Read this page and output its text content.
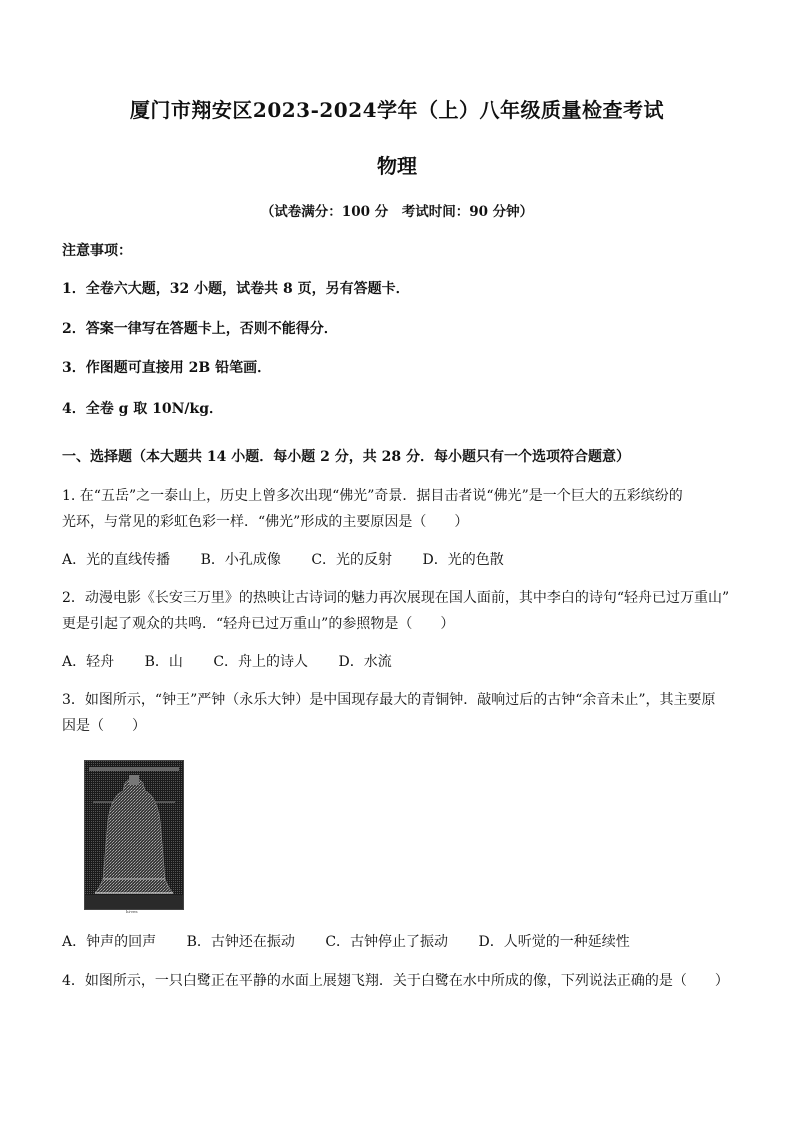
厦门市翔安区2023-2024学年（上）八年级质量检查考试
物理
（试卷满分：100 分　考试时间：90 分钟）
注意事项：
1．全卷六大题，32 小题，试卷共 8 页，另有答题卡．
2．答案一律写在答题卡上，否则不能得分．
3．作图题可直接用 2B 铅笔画．
4．全卷 g 取 10N/kg．
一、选择题（本大题共 14 小题．每小题 2 分，共 28 分．每小题只有一个选项符合题意）
1. 在“五岳”之一泰山上，历史上曾多次出现“佛光”奇景．据目击者说“佛光”是一个巨大的五彩缤纷的
光环，与常见的彩虹色彩一样．“佛光”形成的主要原因是（　　）
A．光的直线传播 B．小孔成像 C．光的反射 D．光的色散
2．动漫电影《长安三万里》的热映让古诗词的魅力再次展现在国人面前，其中李白的诗句“轻舟已过万重山”
更是引起了观众的共鸣．“轻舟已过万重山”的参照物是（　　）
A．轻舟 B．山 C．舟上的诗人 D．水流
3．如图所示，“钟王”严钟（永乐大钟）是中国现存最大的青铜钟．敲响过后的古钟“余音未止”，其主要原
因是（　　）
hi-res
A．钟声的回声 B．古钟还在振动 C．古钟停止了振动 D．人听觉的一种延续性
4．如图所示，一只白鹭正在平静的水面上展翅飞翔．关于白鹭在水中所成的像，下列说法正确的是（　　）
